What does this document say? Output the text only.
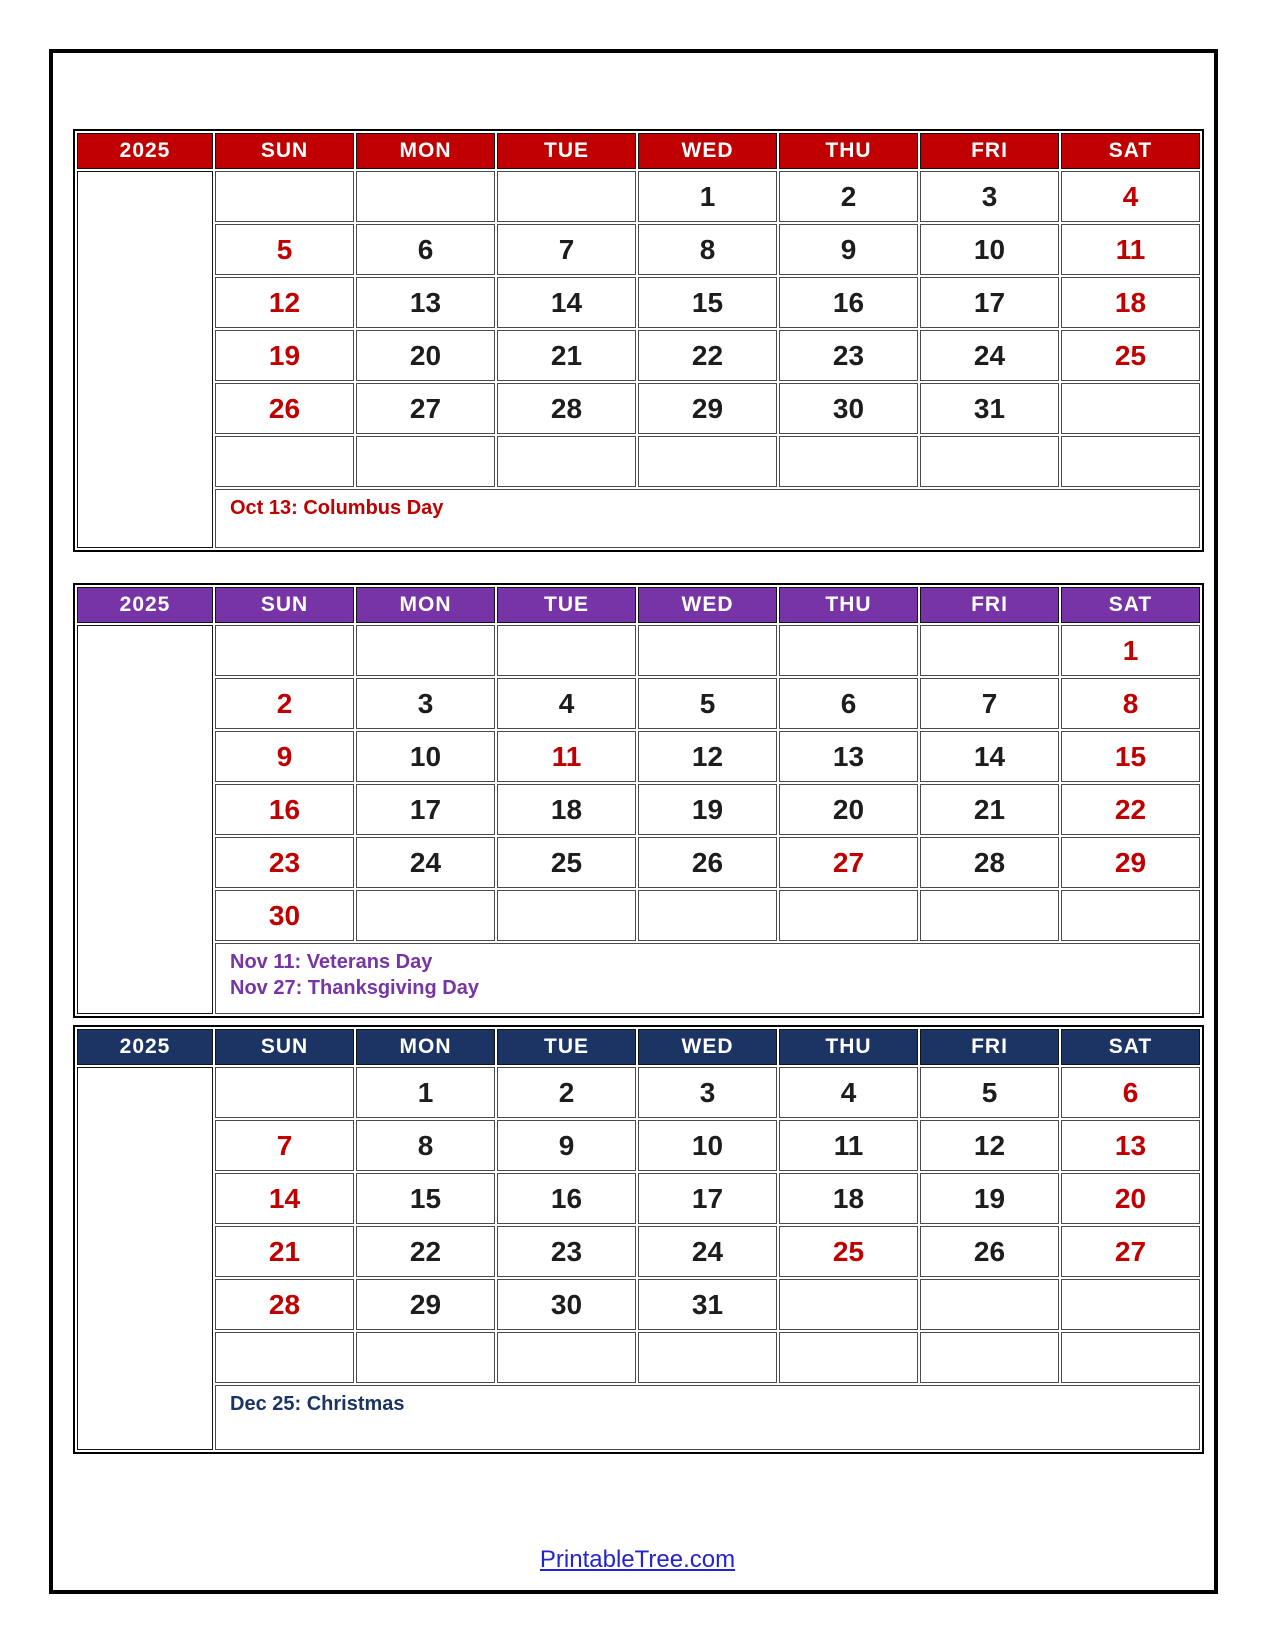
2025	SUN	MON	TUE	WED	THU	FRI	SAT
October				1	2	3	4
	5	6	7	8	9	10	11
	12	13	14	15	16	17	18
	19	20	21	22	23	24	25
	26	27	28	29	30	31	

	Oct 13: Columbus Day						
2025	SUN	MON	TUE	WED	THU	FRI	SAT
November							1
	2	3	4	5	6	7	8
	9	10	11	12	13	14	15
	16	17	18	19	20	21	22
	23	24	25	26	27	28	29
	30						

	Nov 11: Veterans Day
Nov 27: Thanksgiving Day						
2025	SUN	MON	TUE	WED	THU	FRI	SAT
December		1	2	3	4	5	6
	7	8	9	10	11	12	13
	14	15	16	17	18	19	20
	21	22	23	24	25	26	27
	28	29	30	31			

	Dec 25: Christmas						
PrintableTree.com
